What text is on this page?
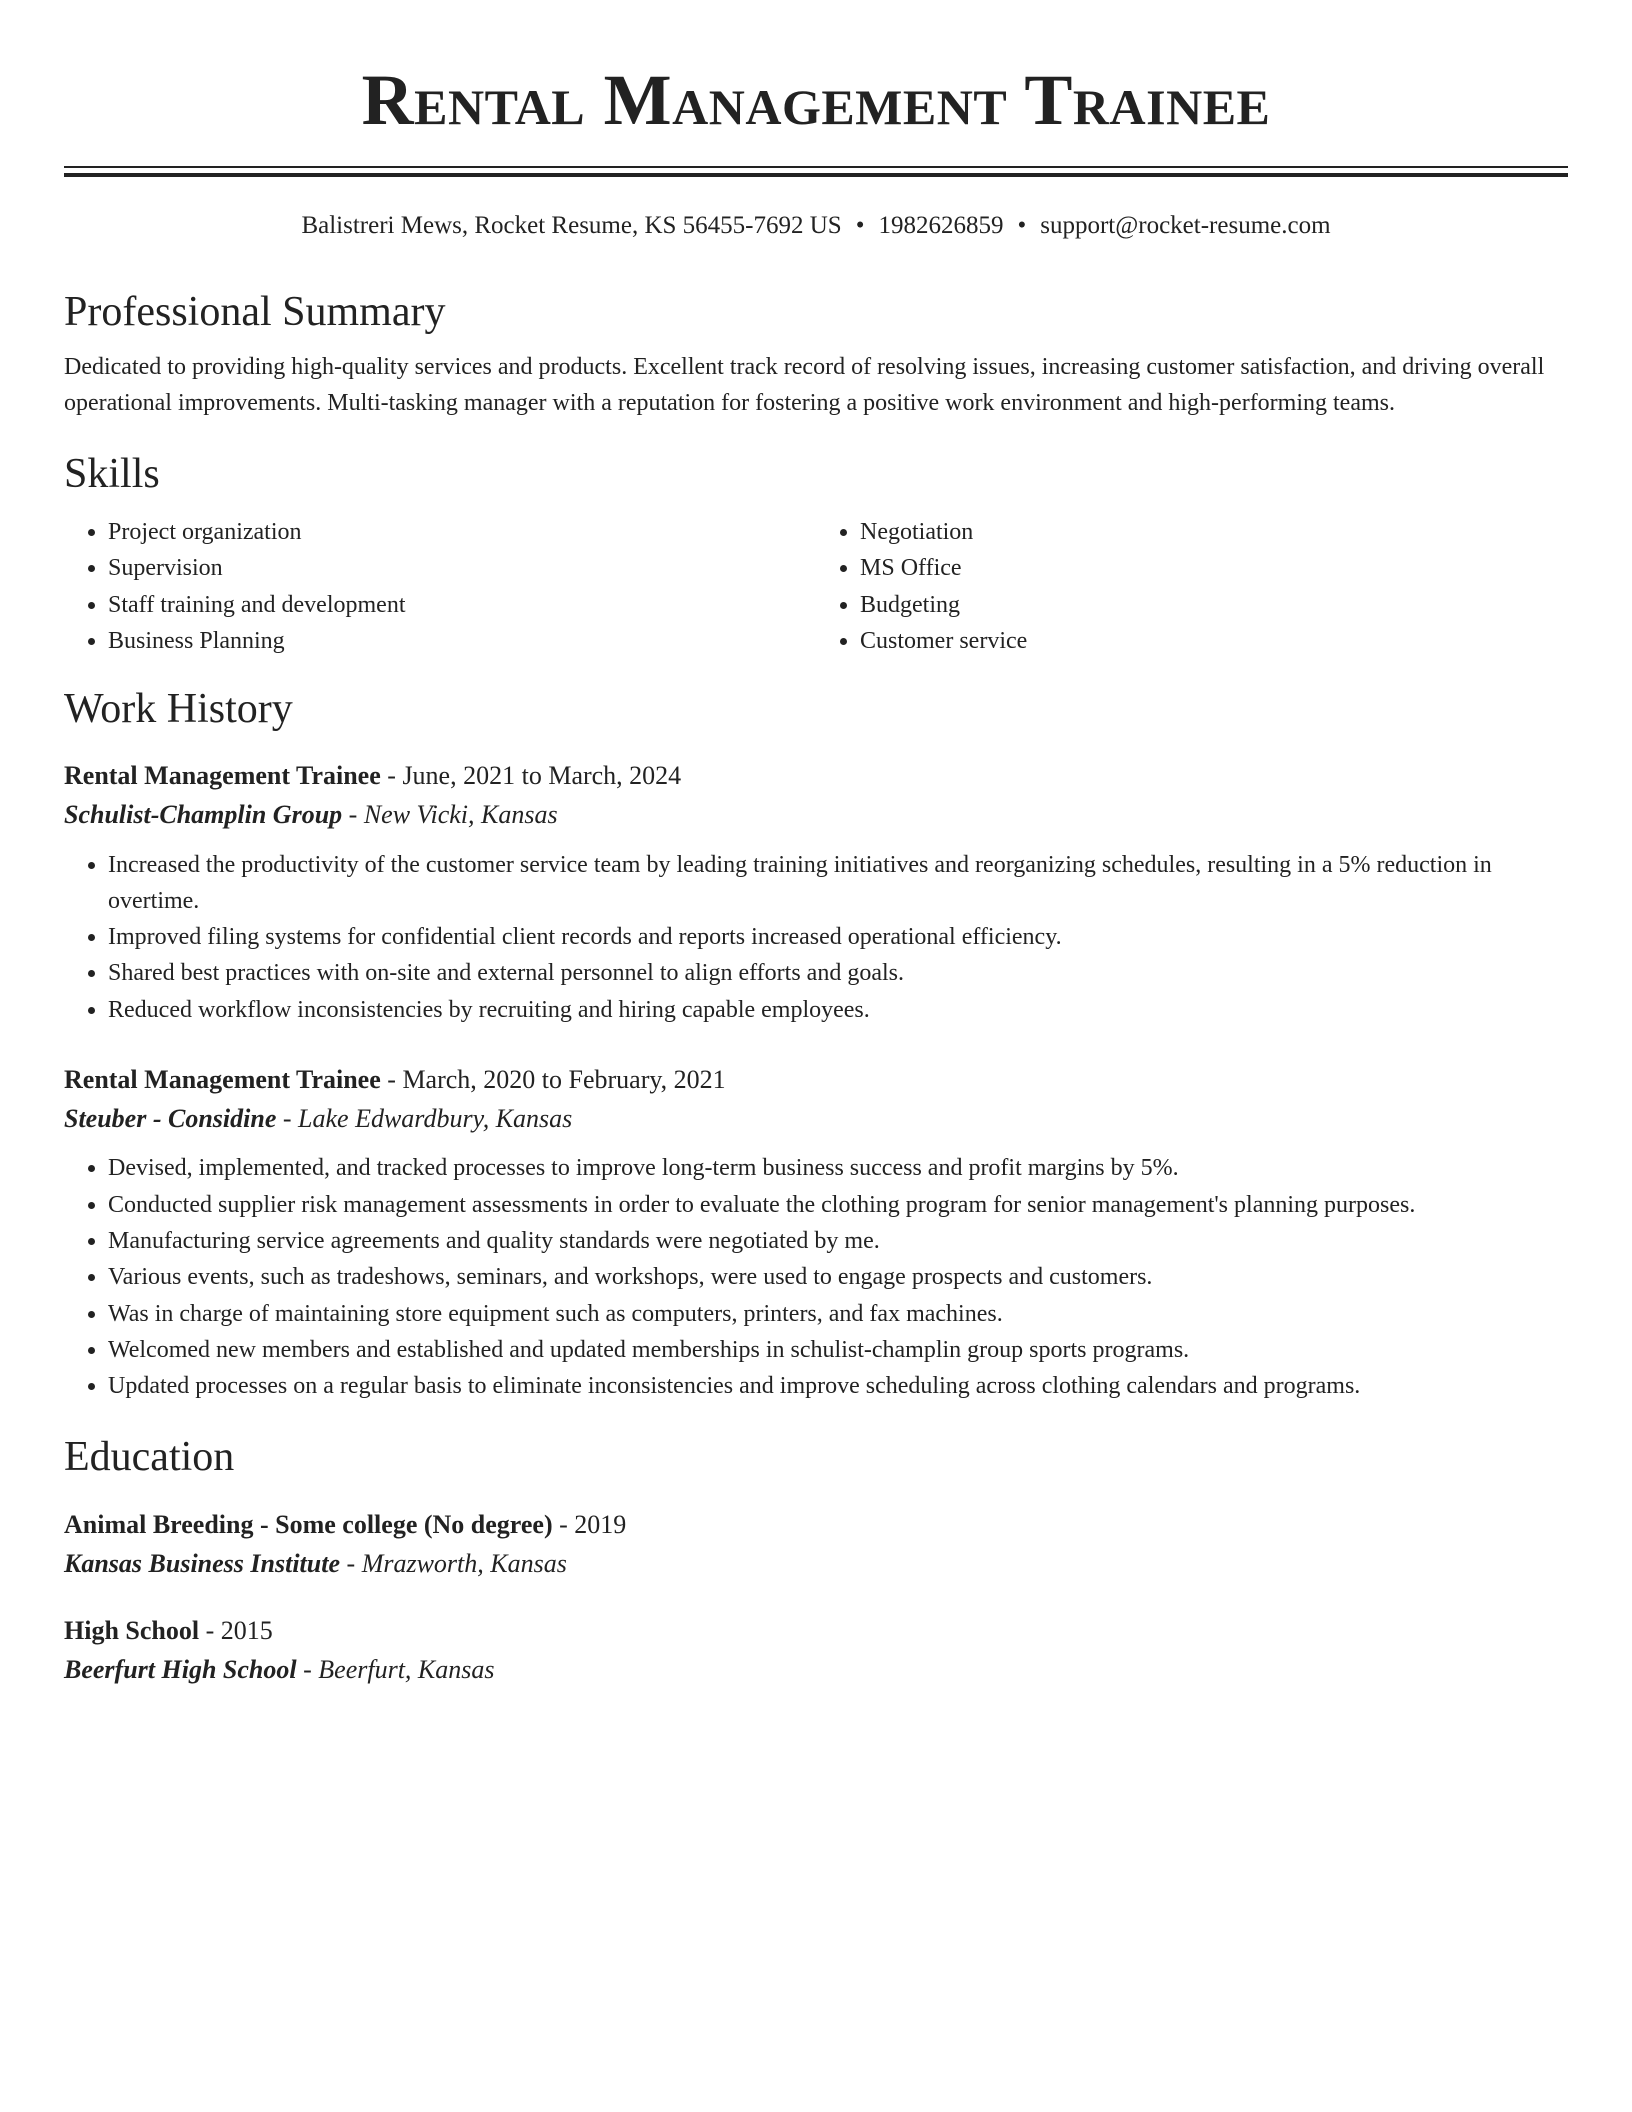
Rental Management Trainee
Balistreri Mews, Rocket Resume, KS 56455-7692 US • 1982626859 • support@rocket-resume.com
Professional Summary

Dedicated to providing high-quality services and products. Excellent track record of resolving issues, increasing customer satisfaction, and driving overall operational improvements. Multi-tasking manager with a reputation for fostering a positive work environment and high-performing teams.

Skills
• Project organization
• Supervision
• Staff training and development
• Business Planning
• Negotiation
• MS Office
• Budgeting
• Customer service
Work History
Rental Management Trainee - June, 2021 to March, 2024
Schulist-Champlin Group - New Vicki, Kansas
• Increased the productivity of the customer service team by leading training initiatives and reorganizing schedules, resulting in a 5% reduction in overtime.
• Improved filing systems for confidential client records and reports increased operational efficiency.
• Shared best practices with on-site and external personnel to align efforts and goals.
• Reduced workflow inconsistencies by recruiting and hiring capable employees.
Rental Management Trainee - March, 2020 to February, 2021
Steuber - Considine - Lake Edwardbury, Kansas
• Devised, implemented, and tracked processes to improve long-term business success and profit margins by 5%.
• Conducted supplier risk management assessments in order to evaluate the clothing program for senior management's planning purposes.
• Manufacturing service agreements and quality standards were negotiated by me.
• Various events, such as tradeshows, seminars, and workshops, were used to engage prospects and customers.
• Was in charge of maintaining store equipment such as computers, printers, and fax machines.
• Welcomed new members and established and updated memberships in schulist-champlin group sports programs.
• Updated processes on a regular basis to eliminate inconsistencies and improve scheduling across clothing calendars and programs.
Education
Animal Breeding - Some college (No degree) - 2019
Kansas Business Institute - Mrazworth, Kansas
High School - 2015
Beerfurt High School - Beerfurt, Kansas
